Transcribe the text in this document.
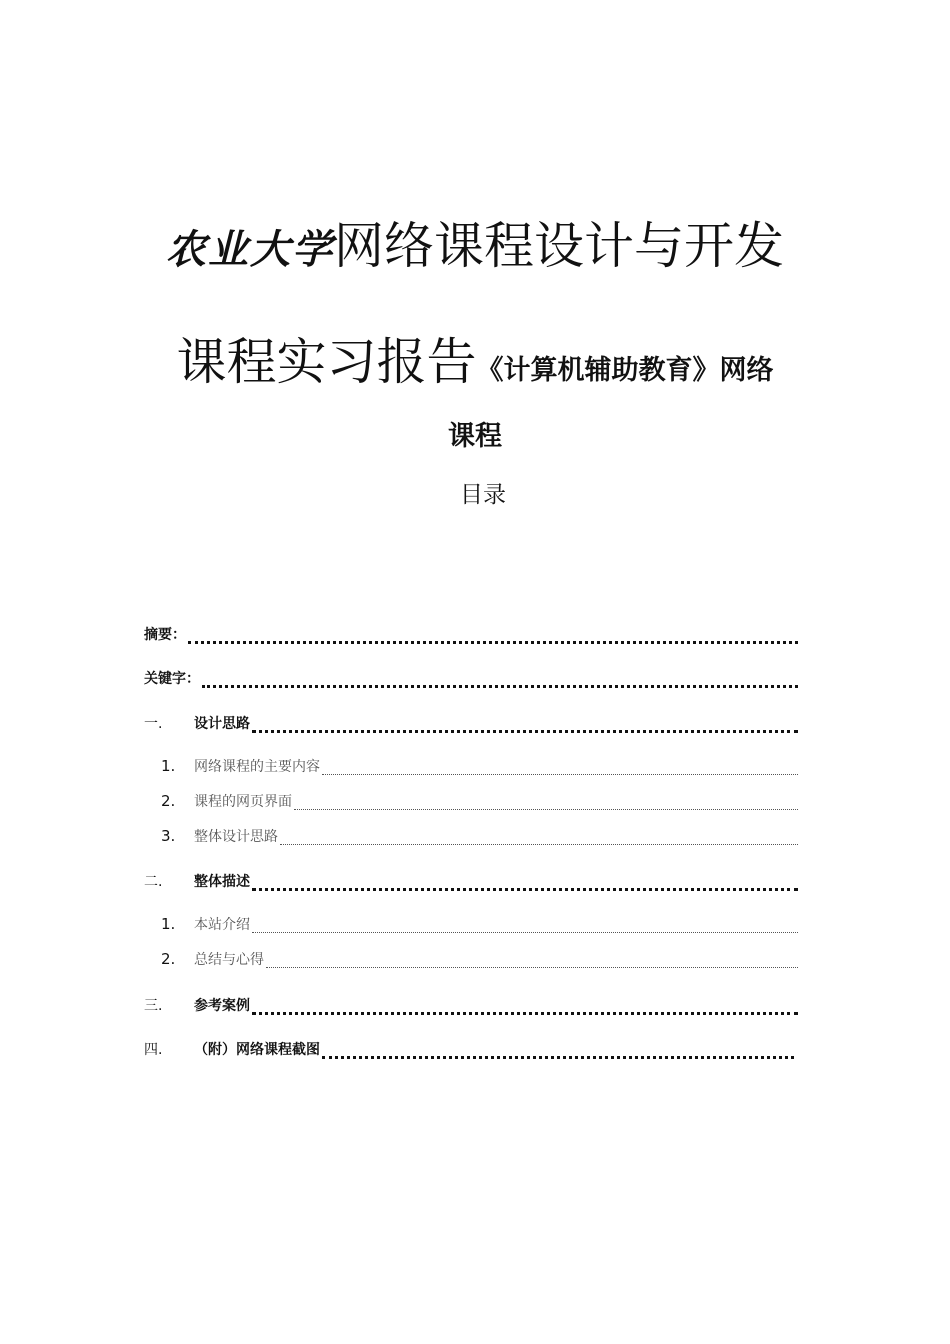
农业大学网络课程设计与开发
课程实习报告《计算机辅助教育》网络
课程
目录
摘要：
关键字：
一.	设计思路
1.	网络课程的主要内容
2.	课程的网页界面
3.	整体设计思路
二.	整体描述
1.	本站介绍
2.	总结与心得
三.	参考案例
四.	（附）网络课程截图
